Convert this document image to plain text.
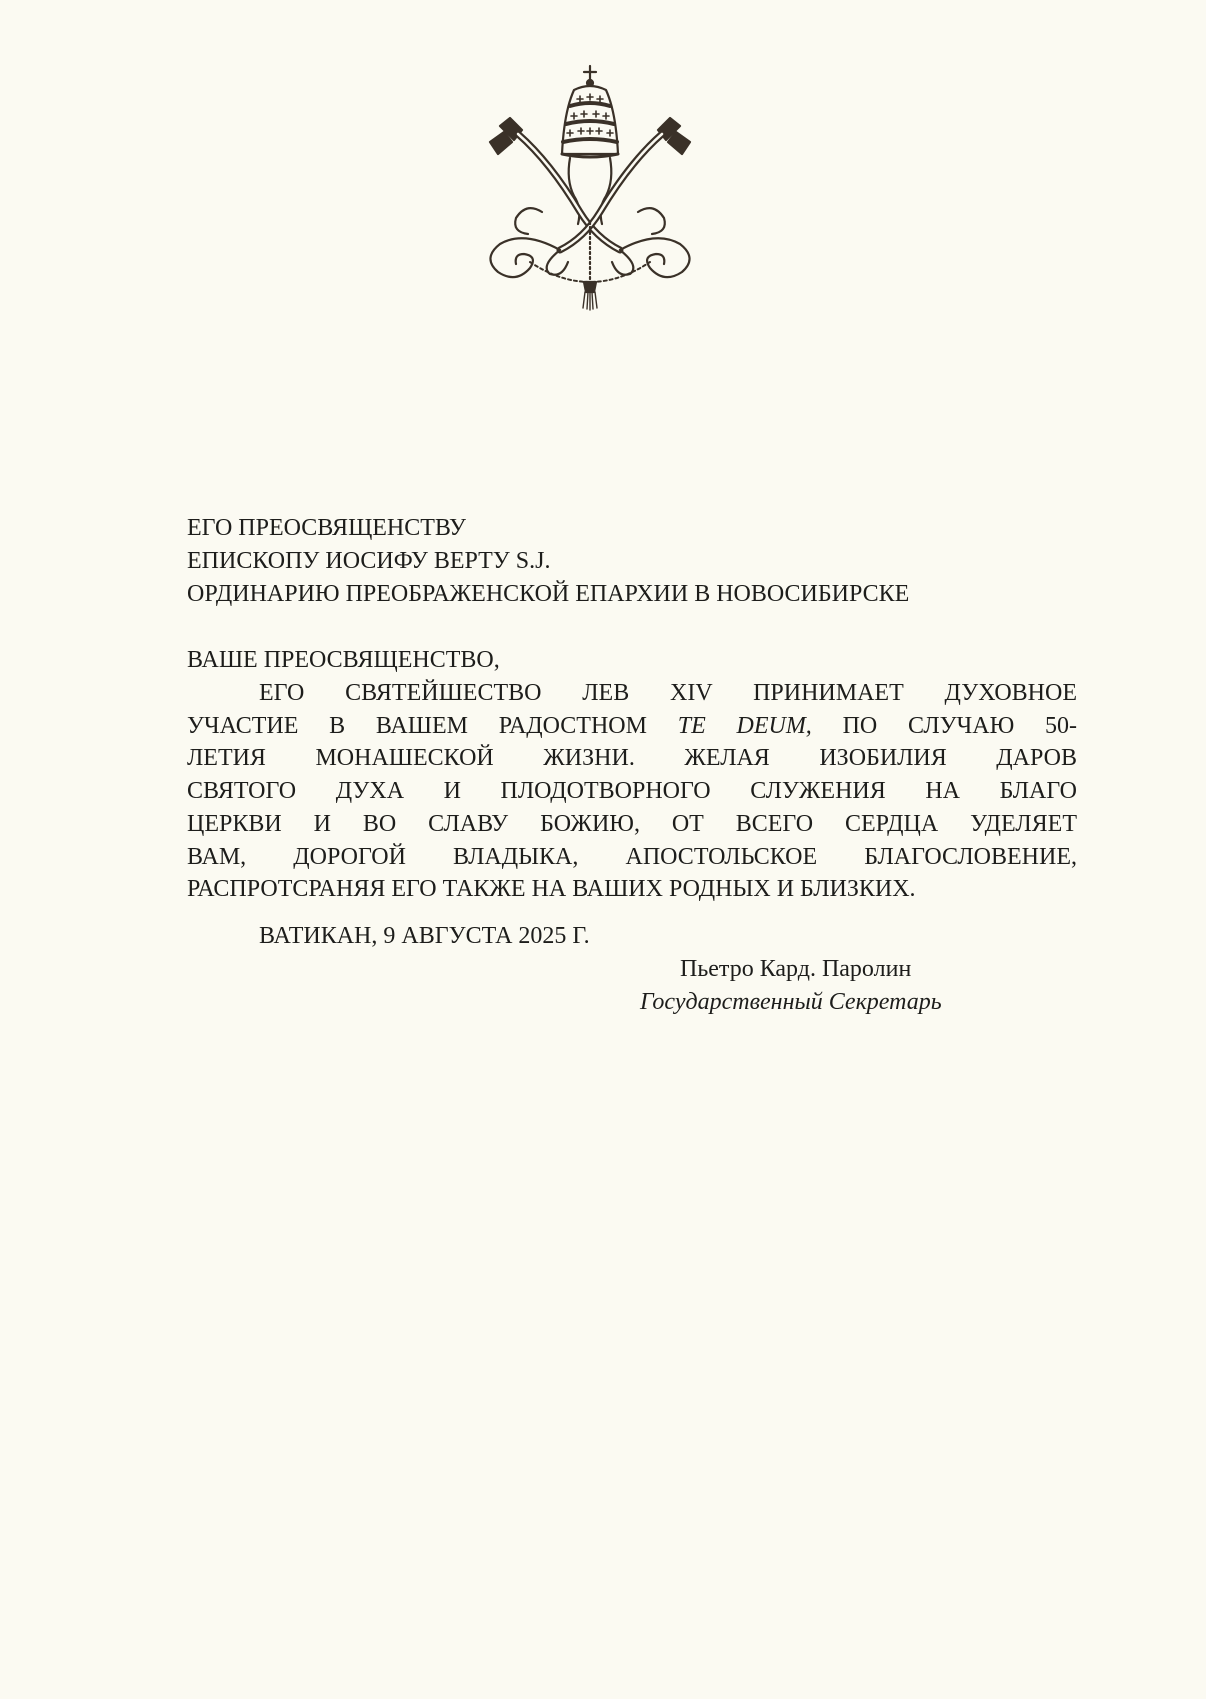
ЕГО ПРЕОСВЯЩЕНСТВУ
ЕПИСКОПУ ИОСИФУ ВЕРТУ S.J.
ОРДИНАРИЮ ПРЕОБРАЖЕНСКОЙ ЕПАРХИИ В НОВОСИБИРСКЕ
ВАШЕ ПРЕОСВЯЩЕНСТВО,
ЕГО СВЯТЕЙШЕСТВО ЛЕВ XIV ПРИНИМАЕТ ДУХОВНОЕ
УЧАСТИЕ В ВАШЕМ РАДОСТНОМ TE DEUM, ПО СЛУЧАЮ 50-
ЛЕТИЯ МОНАШЕСКОЙ ЖИЗНИ. ЖЕЛАЯ ИЗОБИЛИЯ ДАРОВ
СВЯТОГО ДУХА И ПЛОДОТВОРНОГО СЛУЖЕНИЯ НА БЛАГО
ЦЕРКВИ И ВО СЛАВУ БОЖИЮ, ОТ ВСЕГО СЕРДЦА УДЕЛЯЕТ
ВАМ, ДОРОГОЙ ВЛАДЫКА, АПОСТОЛЬСКОЕ БЛАГОСЛОВЕНИЕ,
РАСПРОТСРАНЯЯ ЕГО ТАКЖЕ НА ВАШИХ РОДНЫХ И БЛИЗКИХ.
ВАТИКАН, 9 АВГУСТА 2025 Г.
Пьетро Кард. Паролин
Государственный Секретарь
